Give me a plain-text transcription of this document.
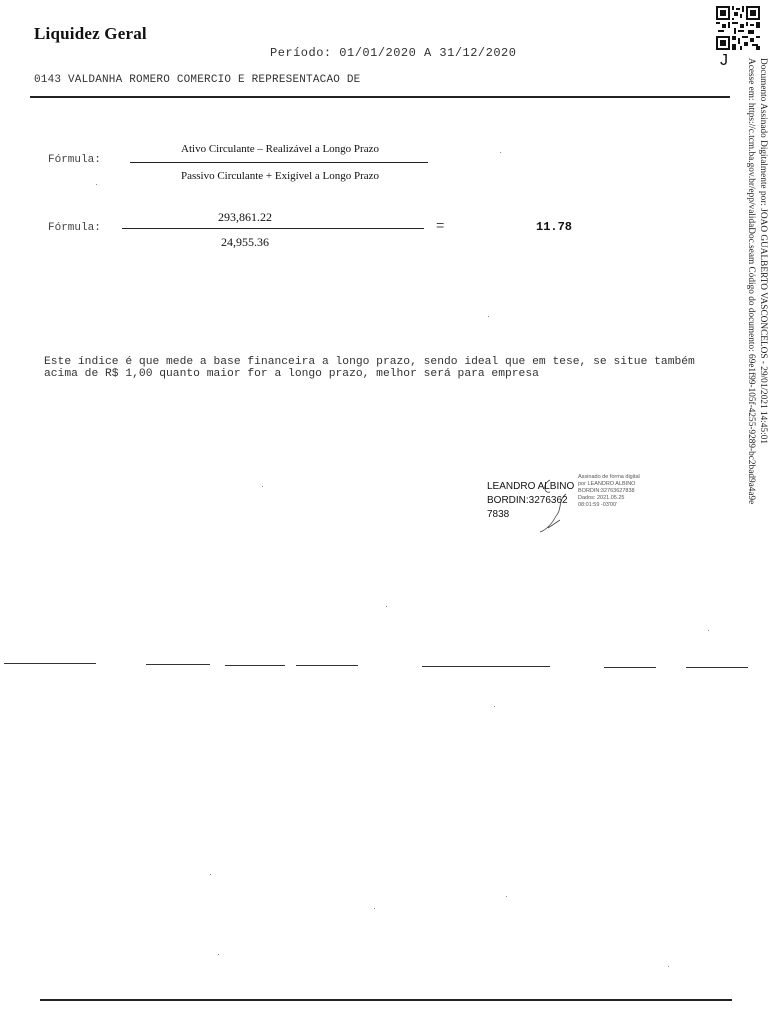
Liquidez Geral
Período: 01/01/2020 A 31/12/2020
0143 VALDANHA ROMERO COMERCIO E REPRESENTACAO DE
Fórmula:
Ativo Circulante – Realizável a Longo Prazo
Passivo Circulante + Exigível a Longo Prazo
Fórmula:
293,861.22
24,955.36
=	11.78
Este índice é que mede a base financeira a longo prazo, sendo ideal que em tese, se situe também acima de R$ 1,00 quanto maior for a longo prazo, melhor será para empresa
LEANDRO ALBINO
BORDIN:3276362
7838
Assinado de forma digital
por LEANDRO ALBINO
BORDIN:32763627838
Dados: 2021.05.25
08:01:59 -03'00'
J	Documento Assinado Digitalmente por: JOAO GUALBERTO VASCONCELOS - 29/01/2021 14:45:01
Acesse em: https://c.tcm.ba.gov.br/epp/validaDoc.seam Código do documento: 69e1f99-105f-4255-9289-bc2bad9a4a9e
